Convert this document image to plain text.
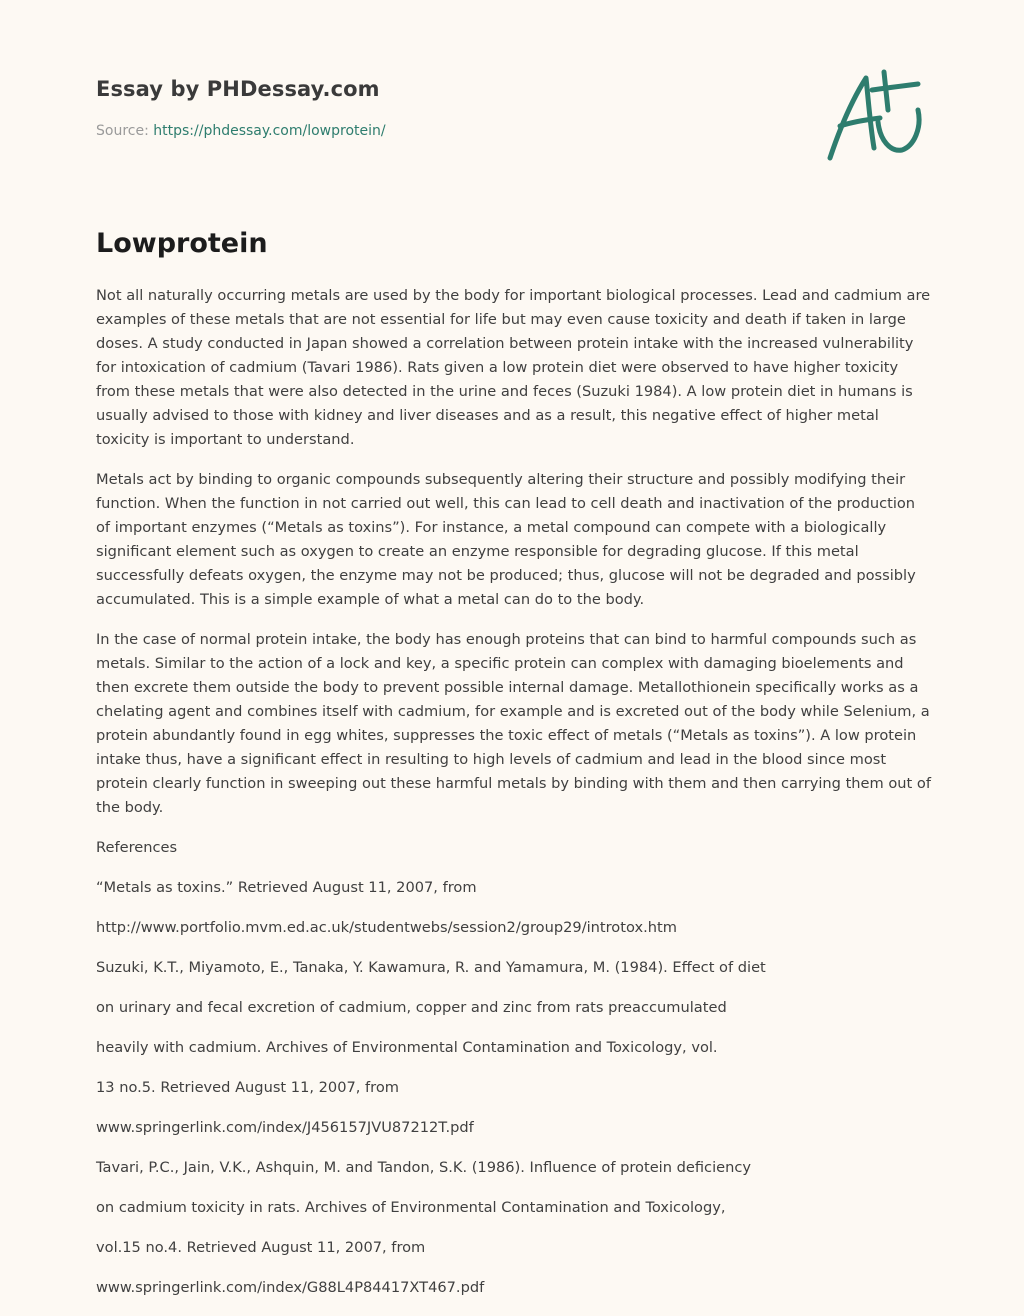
Essay by PHDessay.com
Source: https://phdessay.com/lowprotein/
Lowprotein

Not all naturally occurring metals are used by the body for important biological processes. Lead and cadmium are examples of these metals that are not essential for life but may even cause toxicity and death if taken in large doses. A study conducted in Japan showed a correlation between protein intake with the increased vulnerability for intoxication of cadmium (Tavari 1986). Rats given a low protein diet were observed to have higher toxicity from these metals that were also detected in the urine and feces (Suzuki 1984). A low protein diet in humans is usually advised to those with kidney and liver diseases and as a result, this negative effect of higher metal toxicity is important to understand.

Metals act by binding to organic compounds subsequently altering their structure and possibly modifying their function. When the function in not carried out well, this can lead to cell death and inactivation of the production of important enzymes (“Metals as toxins”). For instance, a metal compound can compete with a biologically significant element such as oxygen to create an enzyme responsible for degrading glucose. If this metal successfully defeats oxygen, the enzyme may not be produced; thus, glucose will not be degraded and possibly accumulated. This is a simple example of what a metal can do to the body.

In the case of normal protein intake, the body has enough proteins that can bind to harmful compounds such as metals. Similar to the action of a lock and key, a specific protein can complex with damaging bioelements and then excrete them outside the body to prevent possible internal damage. Metallothionein specifically works as a chelating agent and combines itself with cadmium, for example and is excreted out of the body while Selenium, a protein abundantly found in egg whites, suppresses the toxic effect of metals (“Metals as toxins”). A low protein intake thus, have a significant effect in resulting to high levels of cadmium and lead in the blood since most protein clearly function in sweeping out these harmful metals by binding with them and then carrying them out of the body.

References

“Metals as toxins.” Retrieved August 11, 2007, from

http://www.portfolio.mvm.ed.ac.uk/studentwebs/session2/group29/introtox.htm

Suzuki, K.T., Miyamoto, E., Tanaka, Y. Kawamura, R. and Yamamura, M. (1984). Effect of diet

on urinary and fecal excretion of cadmium, copper and zinc from rats preaccumulated

heavily with cadmium. Archives of Environmental Contamination and Toxicology, vol.

13 no.5. Retrieved August 11, 2007, from

www.springerlink.com/index/J456157JVU87212T.pdf

Tavari, P.C., Jain, V.K., Ashquin, M. and Tandon, S.K. (1986). Influence of protein deficiency

on cadmium toxicity in rats. Archives of Environmental Contamination and Toxicology,

vol.15 no.4. Retrieved August 11, 2007, from

www.springerlink.com/index/G88L4P84417XT467.pdf
